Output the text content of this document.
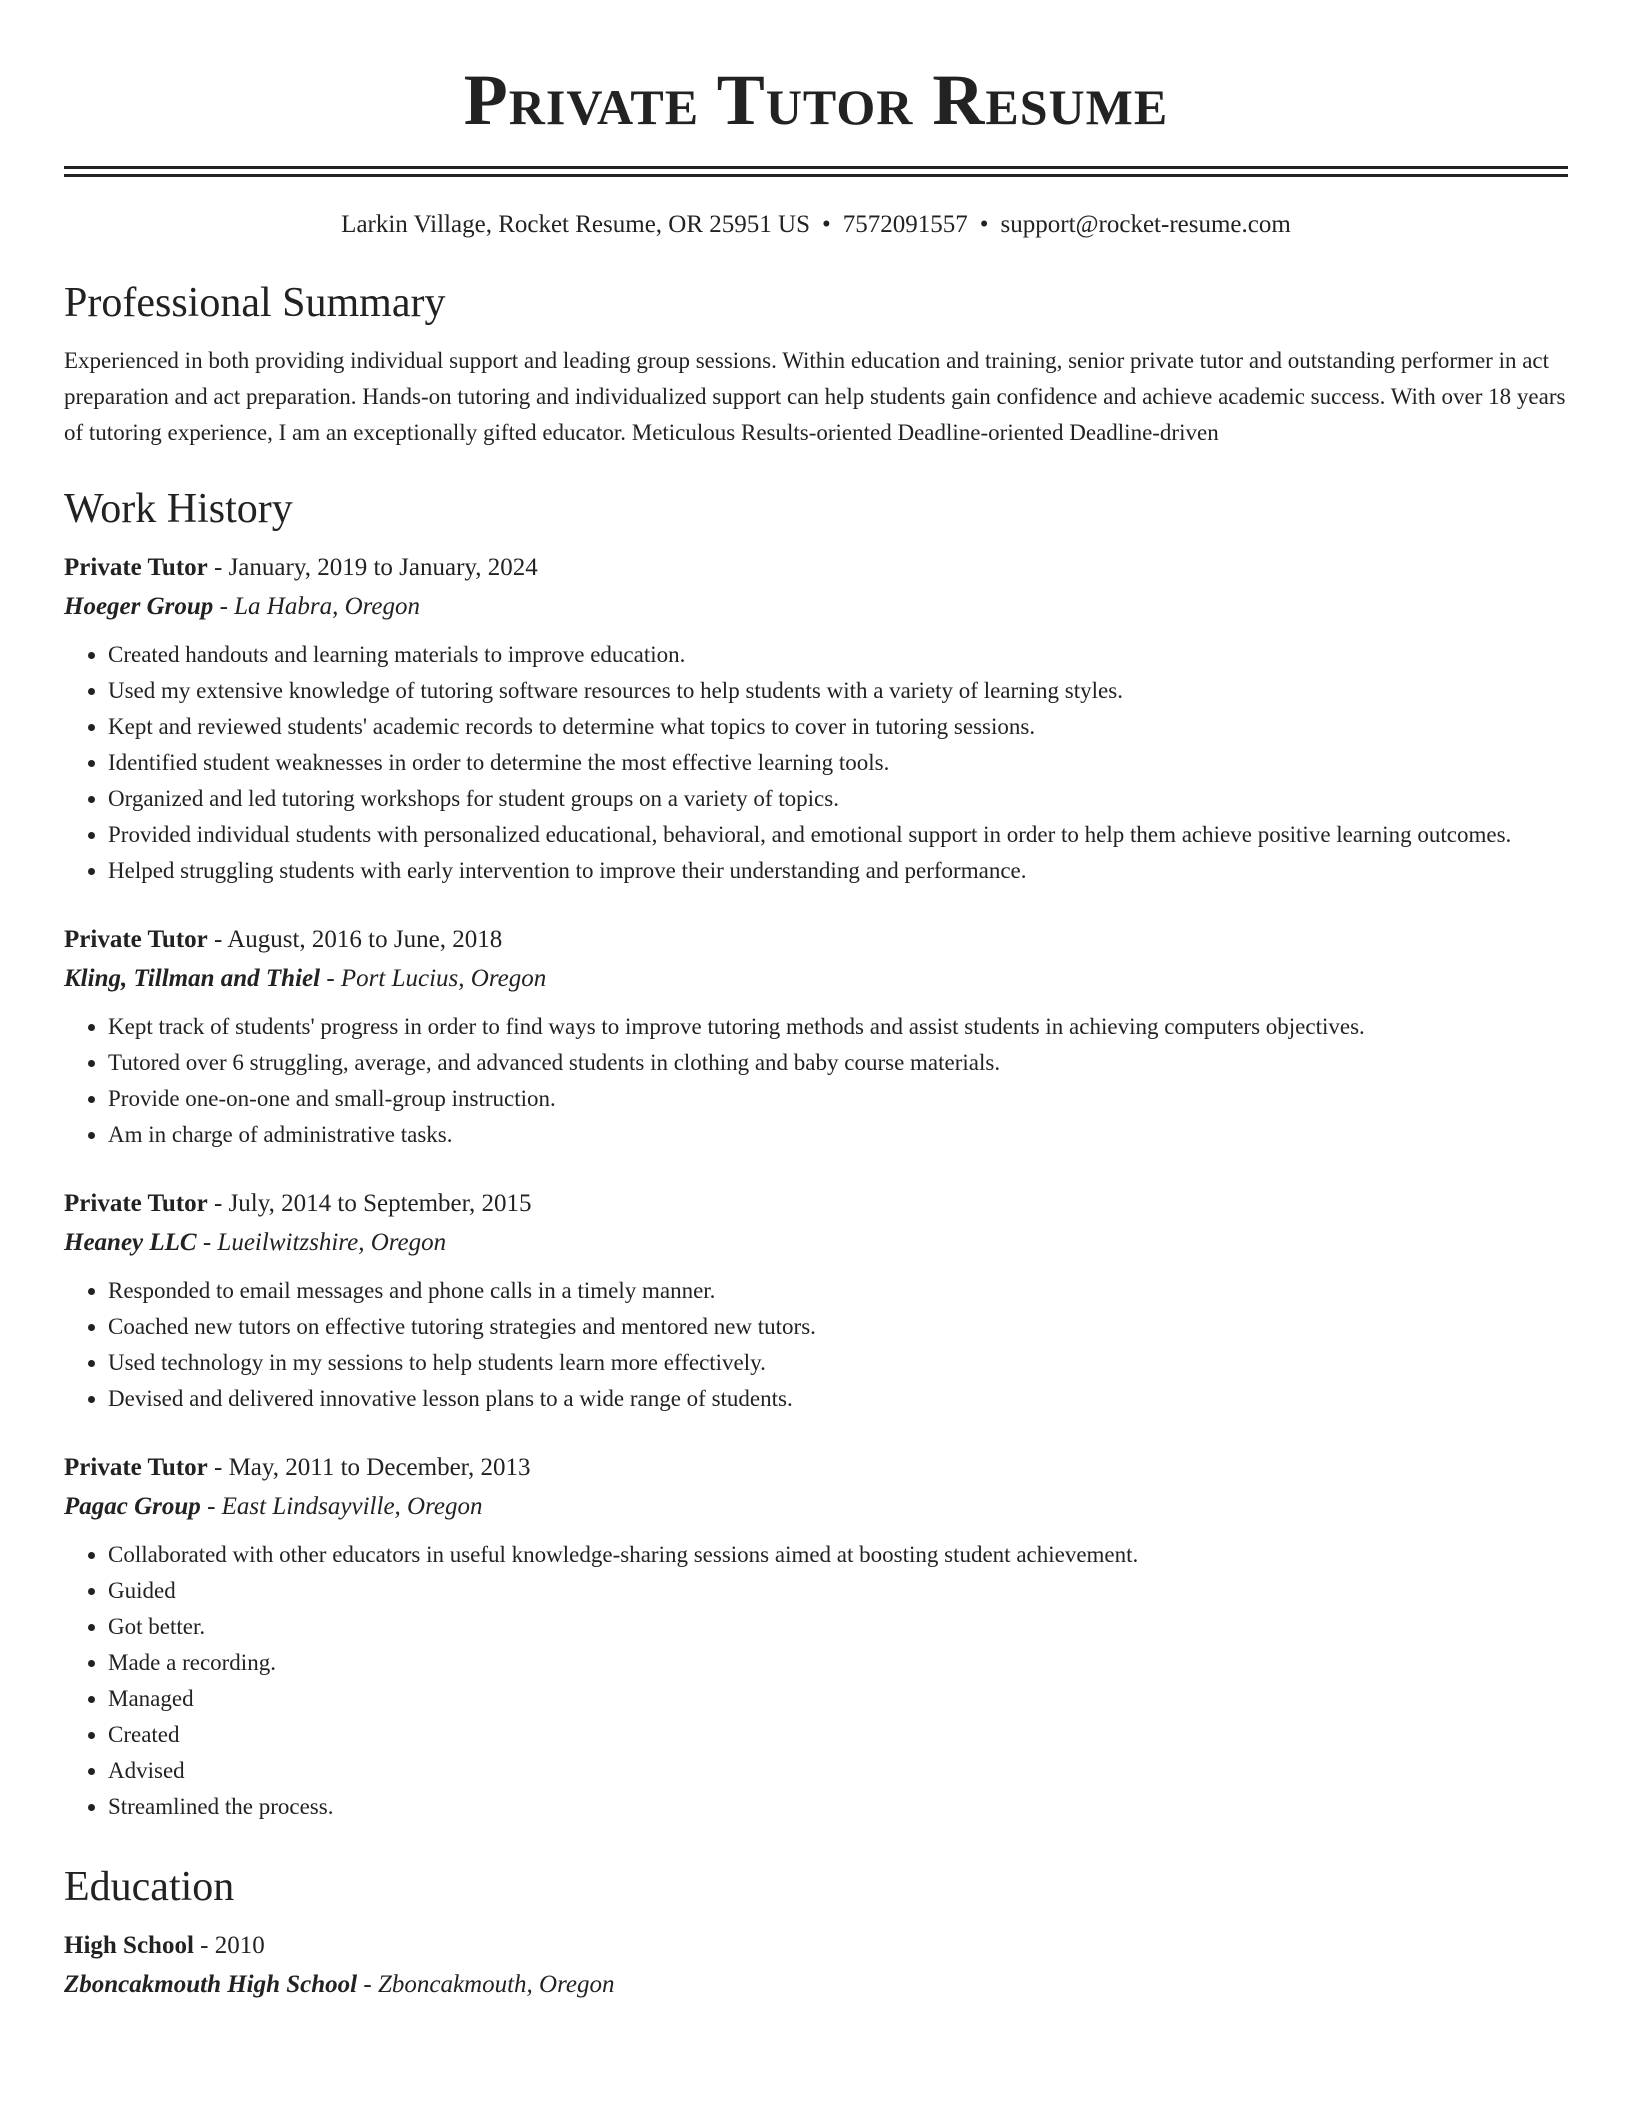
Private Tutor Resume
Larkin Village, Rocket Resume, OR 25951 US • 7572091557 • support@rocket-resume.com
Professional Summary

Experienced in both providing individual support and leading group sessions. Within education and training, senior private tutor and outstanding performer in act preparation and act preparation. Hands-on tutoring and individualized support can help students gain confidence and achieve academic success. With over 18 years of tutoring experience, I am an exceptionally gifted educator. Meticulous Results-oriented Deadline-oriented Deadline-driven

Work History
Private Tutor - January, 2019 to January, 2024
Hoeger Group - La Habra, Oregon
• Created handouts and learning materials to improve education.
• Used my extensive knowledge of tutoring software resources to help students with a variety of learning styles.
• Kept and reviewed students' academic records to determine what topics to cover in tutoring sessions.
• Identified student weaknesses in order to determine the most effective learning tools.
• Organized and led tutoring workshops for student groups on a variety of topics.
• Provided individual students with personalized educational, behavioral, and emotional support in order to help them achieve positive learning outcomes.
• Helped struggling students with early intervention to improve their understanding and performance.
Private Tutor - August, 2016 to June, 2018
Kling, Tillman and Thiel - Port Lucius, Oregon
• Kept track of students' progress in order to find ways to improve tutoring methods and assist students in achieving computers objectives.
• Tutored over 6 struggling, average, and advanced students in clothing and baby course materials.
• Provide one-on-one and small-group instruction.
• Am in charge of administrative tasks.
Private Tutor - July, 2014 to September, 2015
Heaney LLC - Lueilwitzshire, Oregon
• Responded to email messages and phone calls in a timely manner.
• Coached new tutors on effective tutoring strategies and mentored new tutors.
• Used technology in my sessions to help students learn more effectively.
• Devised and delivered innovative lesson plans to a wide range of students.
Private Tutor - May, 2011 to December, 2013
Pagac Group - East Lindsayville, Oregon
• Collaborated with other educators in useful knowledge-sharing sessions aimed at boosting student achievement.
• Guided
• Got better.
• Made a recording.
• Managed
• Created
• Advised
• Streamlined the process.
Education
High School - 2010
Zboncakmouth High School - Zboncakmouth, Oregon
